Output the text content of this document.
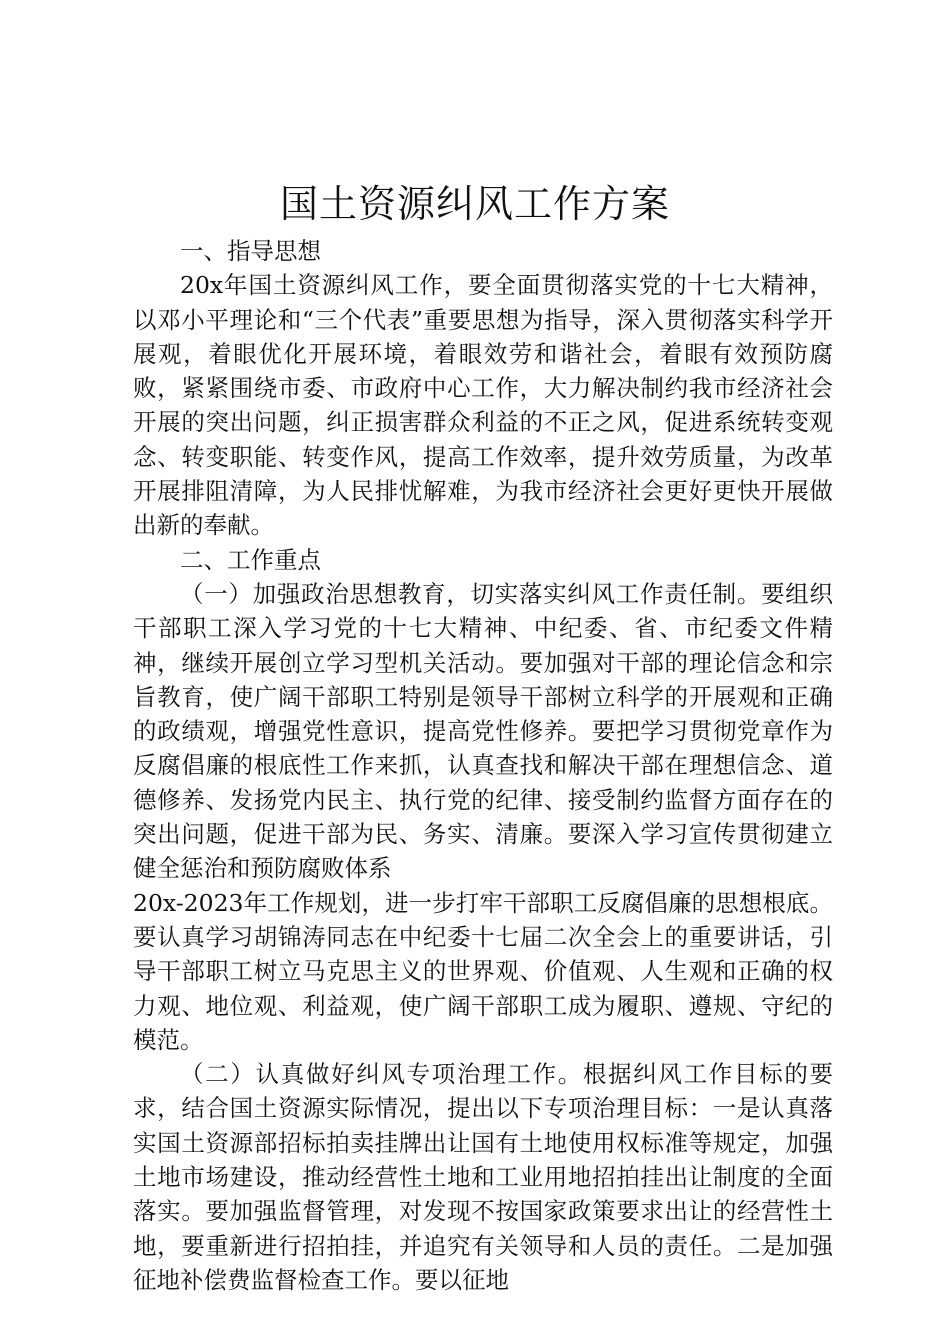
国土资源纠风工作方案

一、指导思想

20x年国土资源纠风工作，要全面贯彻落实党的十七大精神，以邓小平理论和“三个代表”重要思想为指导，深入贯彻落实科学开展观，着眼优化开展环境，着眼效劳和谐社会，着眼有效预防腐败，紧紧围绕市委、市政府中心工作，大力解决制约我市经济社会开展的突出问题，纠正损害群众利益的不正之风，促进系统转变观念、转变职能、转变作风，提高工作效率，提升效劳质量，为改革开展排阻清障，为人民排忧解难，为我市经济社会更好更快开展做出新的奉献。

二、工作重点

（一）加强政治思想教育，切实落实纠风工作责任制。要组织干部职工深入学习党的十七大精神、中纪委、省、市纪委文件精神，继续开展创立学习型机关活动。要加强对干部的理论信念和宗旨教育，使广阔干部职工特别是领导干部树立科学的开展观和正确的政绩观，增强党性意识，提高党性修养。要把学习贯彻党章作为反腐倡廉的根底性工作来抓，认真查找和解决干部在理想信念、道德修养、发扬党内民主、执行党的纪律、接受制约监督方面存在的突出问题，促进干部为民、务实、清廉。要深入学习宣传贯彻建立健全惩治和预防腐败体系

20x-2023年工作规划，进一步打牢干部职工反腐倡廉的思想根底。要认真学习胡锦涛同志在中纪委十七届二次全会上的重要讲话，引导干部职工树立马克思主义的世界观、价值观、人生观和正确的权力观、地位观、利益观，使广阔干部职工成为履职、遵规、守纪的模范。

（二）认真做好纠风专项治理工作。根据纠风工作目标的要求，结合国土资源实际情况，提出以下专项治理目标：一是认真落实国土资源部招标拍卖挂牌出让国有土地使用权标准等规定，加强土地市场建设，推动经营性土地和工业用地招拍挂出让制度的全面落实。要加强监督管理，对发现不按国家政策要求出让的经营性土地，要重新进行招拍挂，并追究有关领导和人员的责任。二是加强征地补偿费监督检查工作。要以征地
